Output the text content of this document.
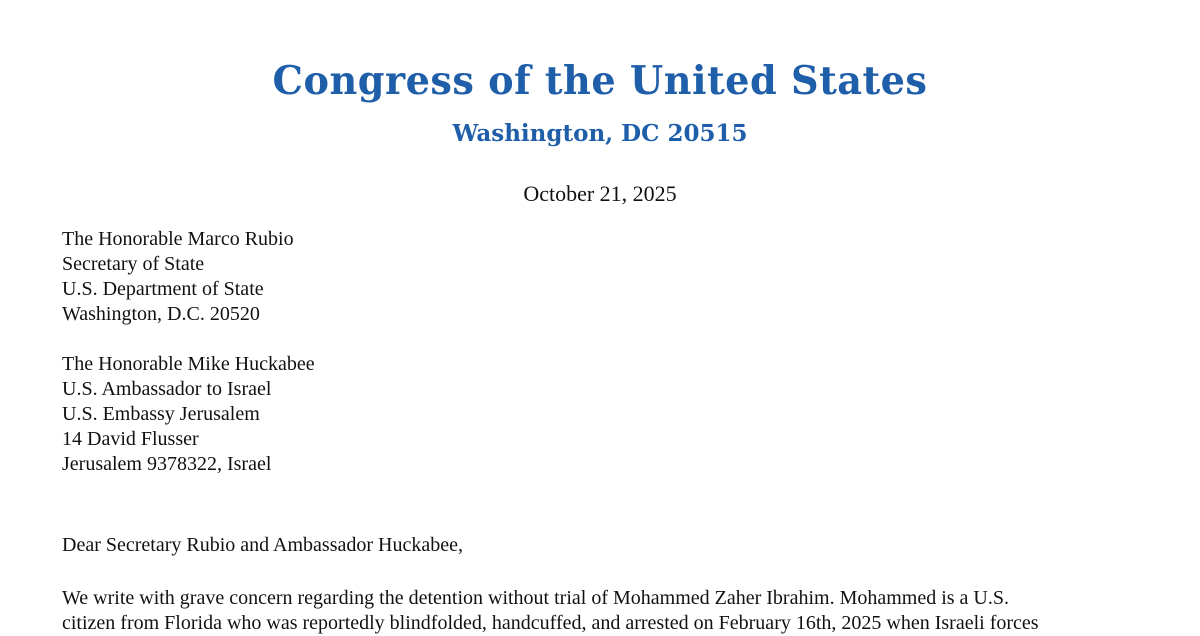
Congress of the United States
Washington, DC 20515
October 21, 2025
The Honorable Marco Rubio
Secretary of State
U.S. Department of State
Washington, D.C. 20520
The Honorable Mike Huckabee
U.S. Ambassador to Israel
U.S. Embassy Jerusalem
14 David Flusser
Jerusalem 9378322, Israel
Dear Secretary Rubio and Ambassador Huckabee,
We write with grave concern regarding the detention without trial of Mohammed Zaher Ibrahim. Mohammed is a U.S.
citizen from Florida who was reportedly blindfolded, handcuffed, and arrested on February 16th, 2025 when Israeli forces
